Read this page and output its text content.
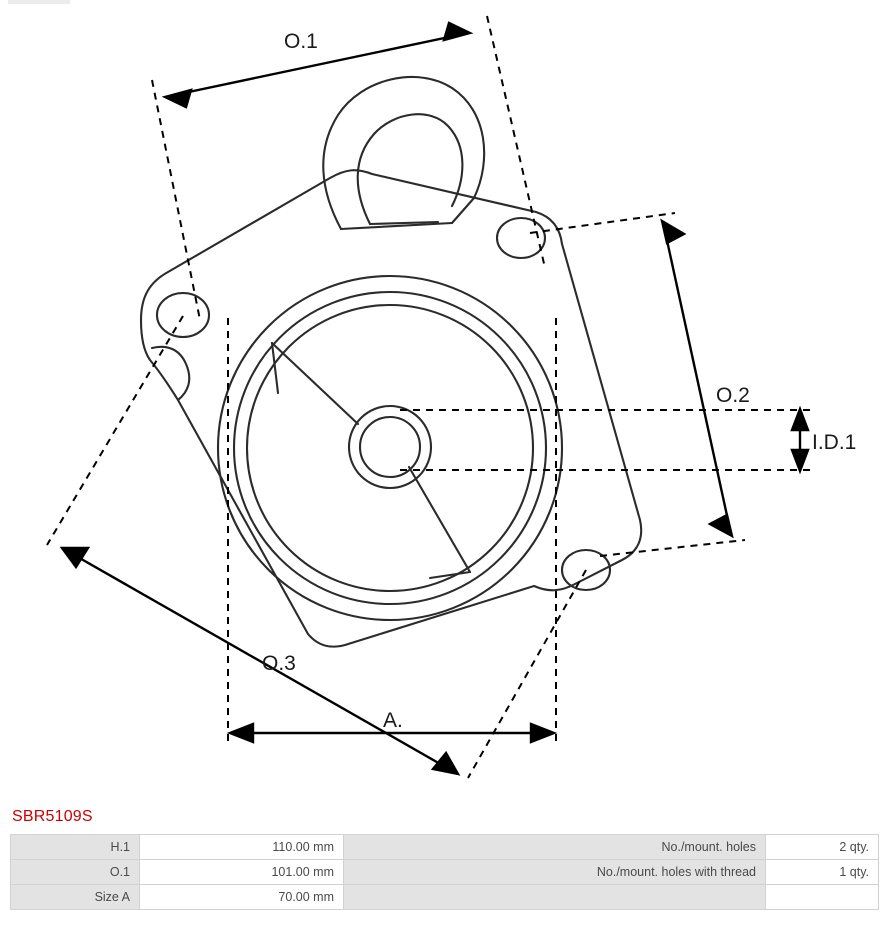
O.1
O.2
O.3
A.
I.D.1
SBR5109S
H.1	110.00 mm	No./mount. holes	2 qty.
O.1	101.00 mm	No./mount. holes with thread	1 qty.
Size A	70.00 mm		
